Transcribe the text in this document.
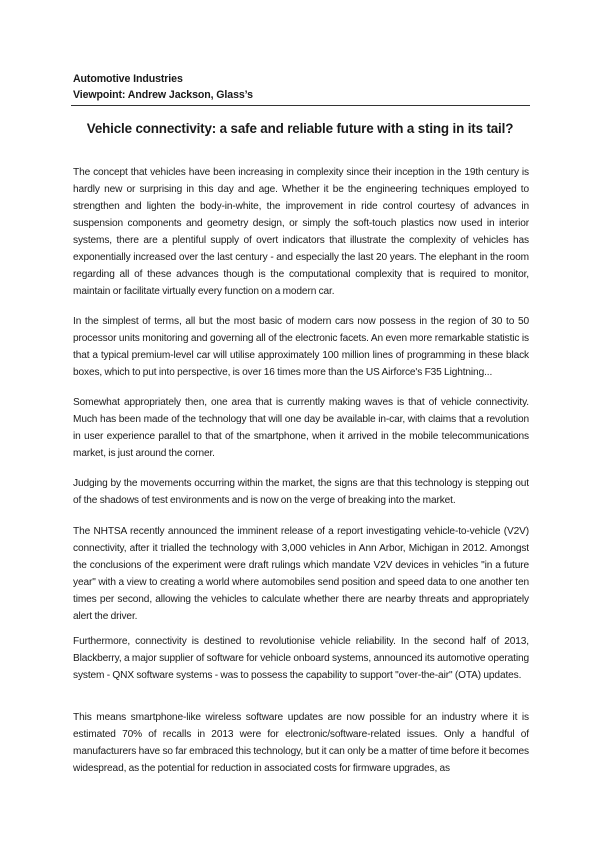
Automotive Industries
Viewpoint: Andrew Jackson, Glass’s
Vehicle connectivity: a safe and reliable future with a sting in its tail?

The concept that vehicles have been increasing in complexity since their inception in the 19th century is hardly new or surprising in this day and age. Whether it be the engineering techniques employed to strengthen and lighten the body-in-white, the improvement in ride control courtesy of advances in suspension components and geometry design, or simply the soft-touch plastics now used in interior systems, there are a plentiful supply of overt indicators that illustrate the complexity of vehicles has exponentially increased over the last century - and especially the last 20 years. The elephant in the room regarding all of these advances though is the computational complexity that is required to monitor, maintain or facilitate virtually every function on a modern car.

In the simplest of terms, all but the most basic of modern cars now possess in the region of 30 to 50 processor units monitoring and governing all of the electronic facets. An even more remarkable statistic is that a typical premium-level car will utilise approximately 100 million lines of programming in these black boxes, which to put into perspective, is over 16 times more than the US Airforce's F35 Lightning...

Somewhat appropriately then, one area that is currently making waves is that of vehicle connectivity. Much has been made of the technology that will one day be available in-car, with claims that a revolution in user experience parallel to that of the smartphone, when it arrived in the mobile telecommunications market, is just around the corner.

Judging by the movements occurring within the market, the signs are that this technology is stepping out of the shadows of test environments and is now on the verge of breaking into the market.

The NHTSA recently announced the imminent release of a report investigating vehicle-to-vehicle (V2V) connectivity, after it trialled the technology with 3,000 vehicles in Ann Arbor, Michigan in 2012. Amongst the conclusions of the experiment were draft rulings which mandate V2V devices in vehicles "in a future year" with a view to creating a world where automobiles send position and speed data to one another ten times per second, allowing the vehicles to calculate whether there are nearby threats and appropriately alert the driver.

Furthermore, connectivity is destined to revolutionise vehicle reliability. In the second half of 2013, Blackberry, a major supplier of software for vehicle onboard systems, announced its automotive operating system - QNX software systems - was to possess the capability to support "over-the-air" (OTA) updates.

This means smartphone-like wireless software updates are now possible for an industry where it is estimated 70% of recalls in 2013 were for electronic/software-related issues. Only a handful of manufacturers have so far embraced this technology, but it can only be a matter of time before it becomes widespread, as the potential for reduction in associated costs for firmware upgrades, as
